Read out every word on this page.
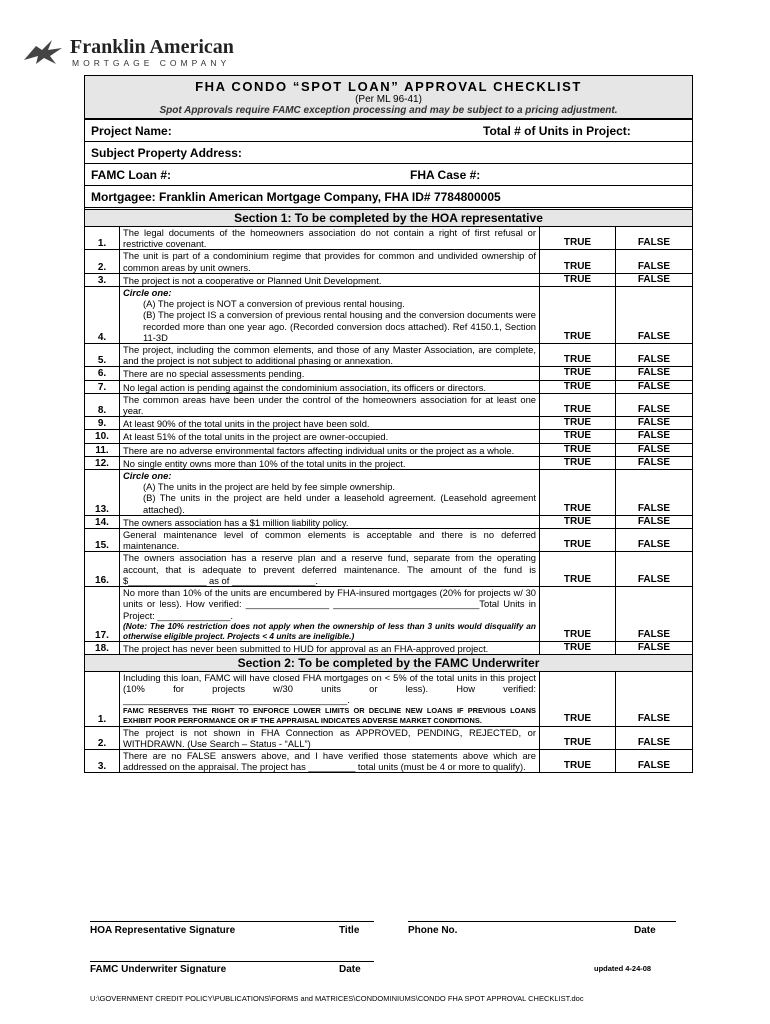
Franklin American
MORTGAGE COMPANY
FHA CONDO “SPOT LOAN” APPROVAL CHECKLIST
(Per ML 96-41)
Spot Approvals require FAMC exception processing and may be subject to a pricing adjustment.
Project Name:	Total # of Units in Project:
Subject Property Address:
FAMC Loan #:	FHA Case #:
Mortgagee: Franklin American Mortgage Company, FHA ID# 7784800005
Section 1: To be completed by the HOA representative
1.	The legal documents of the homeowners association do not contain a right of first refusal or restrictive covenant.	TRUE	FALSE
2.	The unit is part of a condominium regime that provides for common and undivided ownership of common areas by unit owners.	TRUE	FALSE
3.	The project is not a cooperative or Planned Unit Development.	TRUE	FALSE
4.	Circle one:
(A) The project is NOT a conversion of previous rental housing.
(B) The project IS a conversion of previous rental housing and the conversion documents were recorded more than one year ago. (Recorded conversion docs attached). Ref 4150.1, Section 11-3D	TRUE	FALSE
5.	The project, including the common elements, and those of any Master Association, are complete, and the project is not subject to additional phasing or annexation.	TRUE	FALSE
6.	There are no special assessments pending.	TRUE	FALSE
7.	No legal action is pending against the condominium association, its officers or directors.	TRUE	FALSE
8.	The common areas have been under the control of the homeowners association for at least one year.	TRUE	FALSE
9.	At least 90% of the total units in the project have been sold.	TRUE	FALSE
10.	At least 51% of the total units in the project are owner-occupied.	TRUE	FALSE
11.	There are no adverse environmental factors affecting individual units or the project as a whole.	TRUE	FALSE
12.	No single entity owns more than 10% of the total units in the project.	TRUE	FALSE
13.	Circle one:
(A) The units in the project are held by fee simple ownership.
(B) The units in the project are held under a leasehold agreement. (Leasehold agreement attached).	TRUE	FALSE
14.	The owners association has a $1 million liability policy.	TRUE	FALSE
15.	General maintenance level of common elements is acceptable and there is no deferred maintenance.	TRUE	FALSE
16.	The owners association has a reserve plan and a reserve fund, separate from the operating account, that is adequate to prevent deferred maintenance. The amount of the fund is $_______________ as of ________________.	TRUE	FALSE
17.	No more than 10% of the units are encumbered by FHA-insured mortgages (20% for projects w/ 30 units or less). How verified: ________________ ____________________________Total Units in Project: ______________.
(Note: The 10% restriction does not apply when the ownership of less than 3 units would disqualify an otherwise eligible project. Projects < 4 units are ineligible.)	TRUE	FALSE
18.	The project has never been submitted to HUD for approval as an FHA-approved project.	TRUE	FALSE
Section 2: To be completed by the FAMC Underwriter
1.	Including this loan, FAMC will have closed FHA mortgages on < 5% of the total units in this project (10% for projects w/30 units or less). How verified: ___________________________________________.
FAMC RESERVES THE RIGHT TO ENFORCE LOWER LIMITS OR DECLINE NEW LOANS IF PREVIOUS LOANS EXHIBIT POOR PERFORMANCE OR IF THE APPRAISAL INDICATES ADVERSE MARKET CONDITIONS.	TRUE	FALSE
2.	The project is not shown in FHA Connection as APPROVED, PENDING, REJECTED, or WITHDRAWN. (Use Search – Status - “ALL”)	TRUE	FALSE
3.	There are no FALSE answers above, and I have verified those statements above which are addressed on the appraisal. The project has _________ total units (must be 4 or more to qualify).	TRUE	FALSE
HOA Representative Signature	Title	Phone No.	Date
FAMC Underwriter Signature	Date	updated 4-24-08
U:\GOVERNMENT CREDIT POLICY\PUBLICATIONS\FORMS and MATRICES\CONDOMINIUMS\CONDO FHA SPOT APPROVAL CHECKLIST.doc
